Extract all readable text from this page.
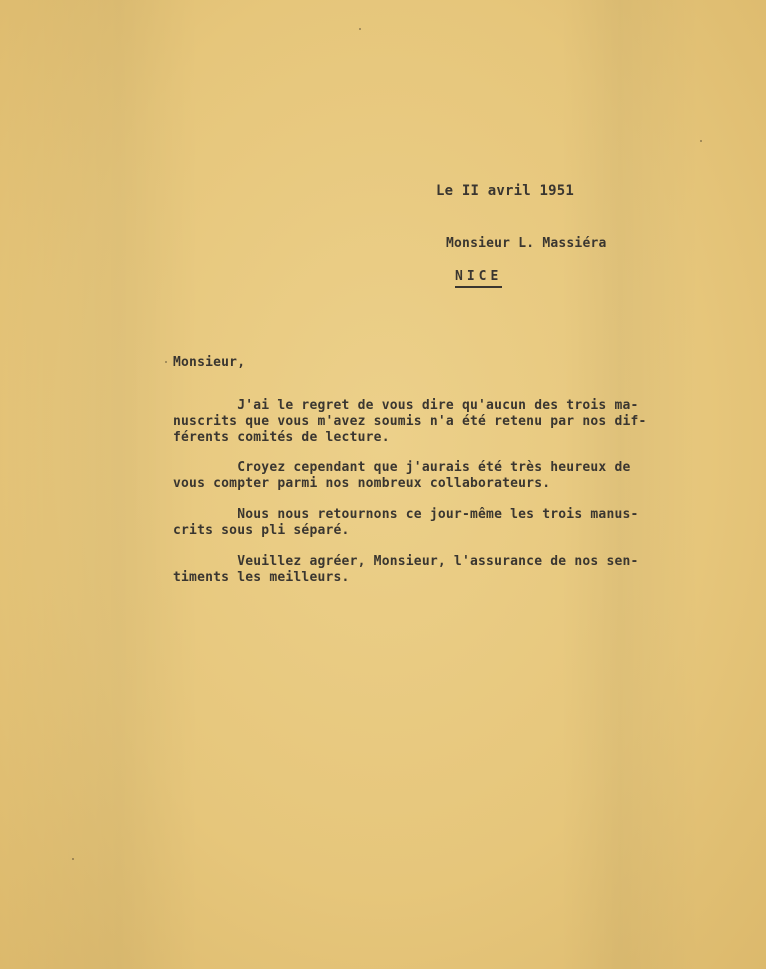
Le II avril 1951
Monsieur L. Massiéra
NICE
Monsieur,
J'ai le regret de vous dire qu'aucun des trois ma-
nuscrits que vous m'avez soumis n'a été retenu par nos dif-
férents comités de lecture.
Croyez cependant que j'aurais été très heureux de
vous compter parmi nos nombreux collaborateurs.
Nous nous retournons ce jour-même les trois manus-
crits sous pli séparé.
Veuillez agréer, Monsieur, l'assurance de nos sen-
timents les meilleurs.
